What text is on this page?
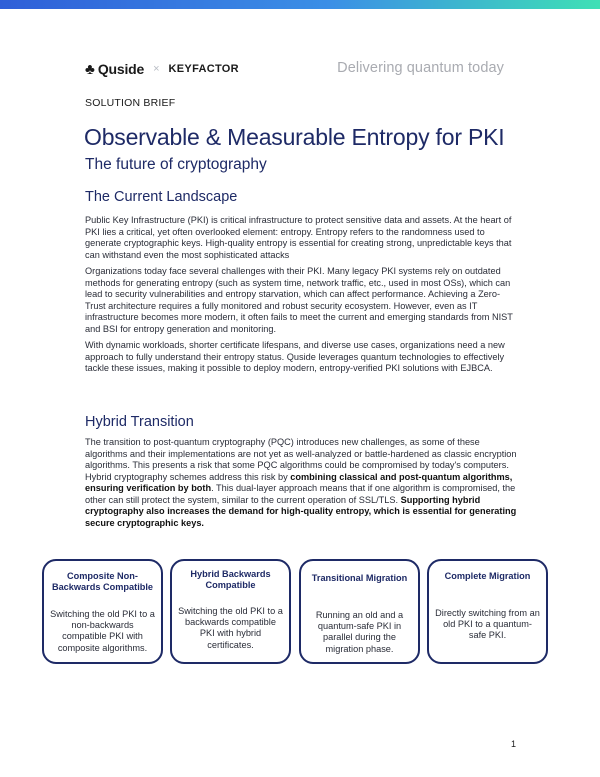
♣ Quside × KEYFACTOR	Delivering quantum today
SOLUTION BRIEF
Observable & Measurable Entropy for PKI
The future of cryptography
The Current Landscape

Public Key Infrastructure (PKI) is critical infrastructure to protect sensitive data and assets. At the heart of PKI lies a critical, yet often overlooked element: entropy. Entropy refers to the randomness used to generate cryptographic keys. High-quality entropy is essential for creating strong, unpredictable keys that can withstand even the most sophisticated attacks

Organizations today face several challenges with their PKI. Many legacy PKI systems rely on outdated methods for generating entropy (such as system time, network traffic, etc., used in most OSs), which can lead to security vulnerabilities and entropy starvation, which can affect performance. Achieving a Zero-Trust architecture requires a fully monitored and robust security ecosystem. However, even as IT infrastructure becomes more modern, it often fails to meet the current and emerging standards from NIST and BSI for entropy generation and monitoring.

With dynamic workloads, shorter certificate lifespans, and diverse use cases, organizations need a new approach to fully understand their entropy status. Quside leverages quantum technologies to effectively tackle these issues, making it possible to deploy modern, entropy-verified PKI solutions with EJBCA.

Hybrid Transition

The transition to post-quantum cryptography (PQC) introduces new challenges, as some of these algorithms and their implementations are not yet as well-analyzed or battle-hardened as classic encryption algorithms. This presents a risk that some PQC algorithms could be compromised by today's computers. Hybrid cryptography schemes address this risk by combining classical and post-quantum algorithms, ensuring verification by both. This dual-layer approach means that if one algorithm is compromised, the other can still protect the system, similar to the current operation of SSL/TLS. Supporting hybrid cryptography also increases the demand for high-quality entropy, which is essential for generating secure cryptographic keys.

Composite Non-Backwards Compatible
Switching the old PKI to a non-backwards compatible PKI with composite algorithms.
Hybrid Backwards Compatible
Switching the old PKI to a backwards compatible PKI with hybrid certificates.
Transitional Migration
Running an old and a quantum-safe PKI in parallel during the migration phase.
Complete Migration
Directly switching from an old PKI to a quantum-safe PKI.
1
